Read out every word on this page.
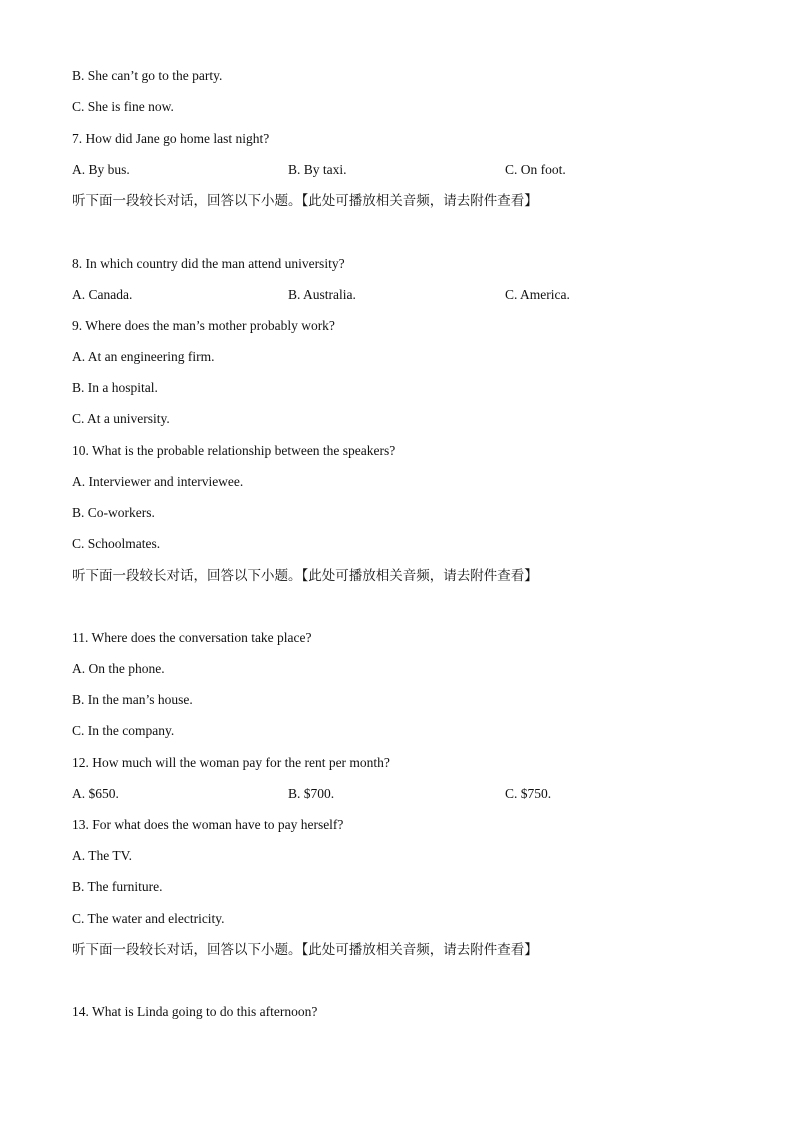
B. She can’t go to the party.
C. She is fine now.
7. How did Jane go home last night?
A. By bus.	B. By taxi.	C. On foot.
听下面一段较长对话，回答以下小题。【此处可播放相关音频，请去附件查看】
8. In which country did the man attend university?
A. Canada.	B. Australia.	C. America.
9. Where does the man’s mother probably work?
A. At an engineering firm.
B. In a hospital.
C. At a university.
10. What is the probable relationship between the speakers?
A. Interviewer and interviewee.
B. Co-workers.
C. Schoolmates.
听下面一段较长对话，回答以下小题。【此处可播放相关音频，请去附件查看】
11. Where does the conversation take place?
A. On the phone.
B. In the man’s house.
C. In the company.
12. How much will the woman pay for the rent per month?
A. $650.	B. $700.	C. $750.
13. For what does the woman have to pay herself?
A. The TV.
B. The furniture.
C. The water and electricity.
听下面一段较长对话，回答以下小题。【此处可播放相关音频，请去附件查看】
14. What is Linda going to do this afternoon?
